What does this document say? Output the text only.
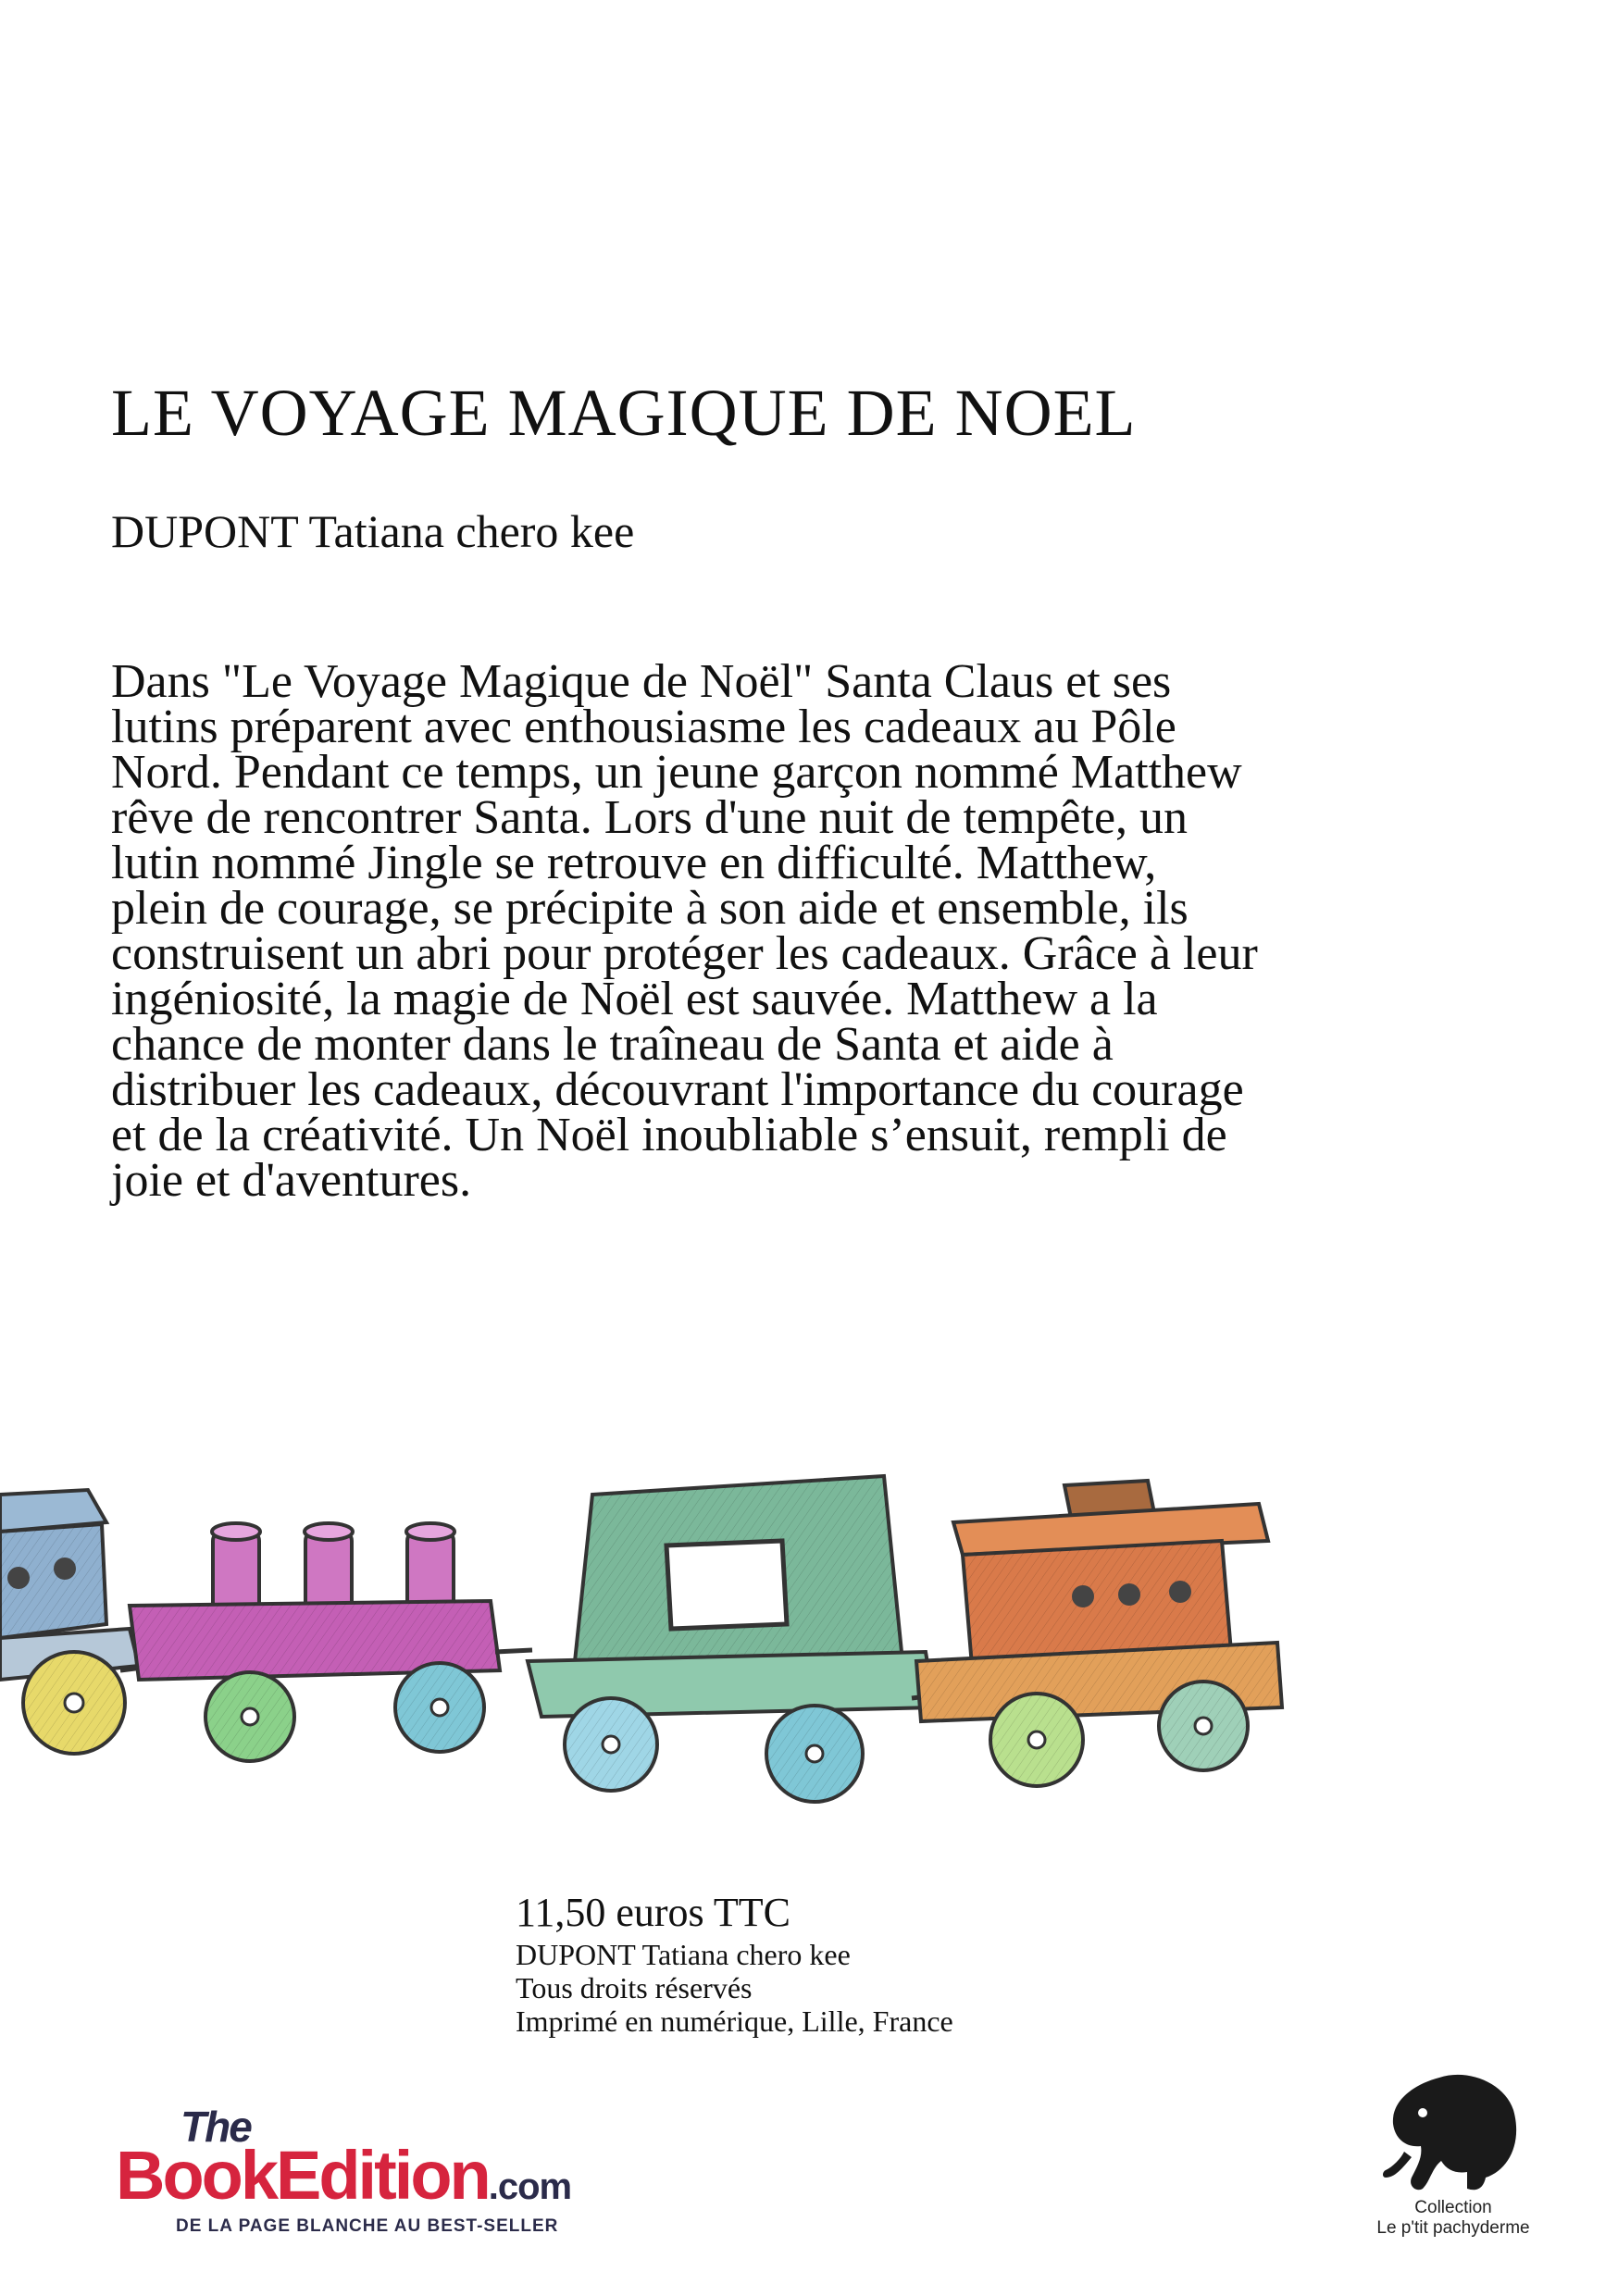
LE VOYAGE MAGIQUE DE NOEL

DUPONT Tatiana chero kee

Dans "Le Voyage Magique de Noël" Santa Claus et ses lutins préparent avec enthousiasme les cadeaux au Pôle Nord. Pendant ce temps, un jeune garçon nommé Matthew rêve de rencontrer Santa. Lors d'une nuit de tempête, un lutin nommé Jingle se retrouve en difficulté. Matthew, plein de courage, se précipite à son aide et ensemble, ils construisent un abri pour protéger les cadeaux. Grâce à leur ingéniosité, la magie de Noël est sauvée. Matthew a la chance de monter dans le traîneau de Santa et aide à distribuer les cadeaux, découvrant l'importance du courage et de la créativité. Un Noël inoubliable s’ensuit, rempli de joie et d'aventures.

11,50 euros TTC

DUPONT Tatiana chero kee

Tous droits réservés

Imprimé en numérique, Lille, France

The
BookEdition.com
DE LA PAGE BLANCHE AU BEST-SELLER

Collection

Le p'tit pachyderme
